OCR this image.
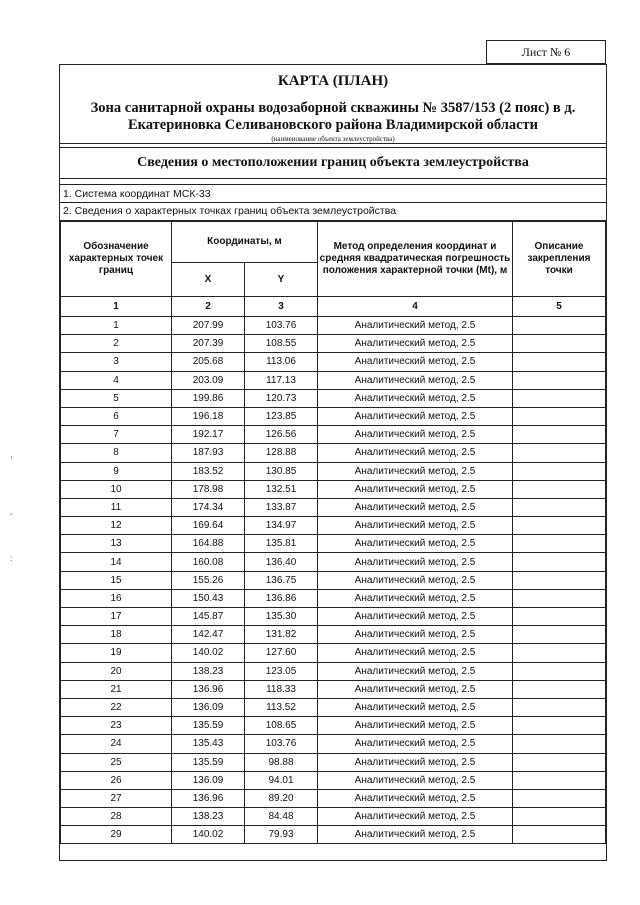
Лист № 6
ʼ
˛
˸
КАРТА (ПЛАН)
Зона санитарной охраны водозаборной скважины № 3587/153 (2 пояс) в д.
Екатериновка Селивановского района Владимирской области
(наименование объекта землеустройства)
Сведения о местоположении границ объекта землеустройства
1. Система координат МСК-33
2. Сведения о характерных точках границ объекта землеустройства
Обозначение характерных точек границ	Координаты, м		Метод определения координат и средняя квадратическая погрешность положения характерной точки (Mt), м	Описание закрепления точки
	X	Y		
1	2	3	4	5
1	207.99	103.76	Аналитический метод, 2.5	
2	207.39	108.55	Аналитический метод, 2.5	
3	205.68	113.06	Аналитический метод, 2.5	
4	203.09	117.13	Аналитический метод, 2.5	
5	199.86	120.73	Аналитический метод, 2.5	
6	196.18	123.85	Аналитический метод, 2.5	
7	192.17	126.56	Аналитический метод, 2.5	
8	187.93	128.88	Аналитический метод, 2.5	
9	183.52	130.85	Аналитический метод, 2.5	
10	178.98	132.51	Аналитический метод, 2.5	
11	174.34	133.87	Аналитический метод, 2.5	
12	169.64	134.97	Аналитический метод, 2.5	
13	164.88	135.81	Аналитический метод, 2.5	
14	160.08	136.40	Аналитический метод, 2.5	
15	155.26	136.75	Аналитический метод, 2.5	
16	150.43	136.86	Аналитический метод, 2.5	
17	145.87	135.30	Аналитический метод, 2.5	
18	142.47	131.82	Аналитический метод, 2.5	
19	140.02	127.60	Аналитический метод, 2.5	
20	138.23	123.05	Аналитический метод, 2.5	
21	136.96	118.33	Аналитический метод, 2.5	
22	136.09	113.52	Аналитический метод, 2.5	
23	135.59	108.65	Аналитический метод, 2.5	
24	135.43	103.76	Аналитический метод, 2.5	
25	135.59	98.88	Аналитический метод, 2.5	
26	136.09	94.01	Аналитический метод, 2.5	
27	136.96	89.20	Аналитический метод, 2.5	
28	138.23	84.48	Аналитический метод, 2.5	
29	140.02	79.93	Аналитический метод, 2.5	
